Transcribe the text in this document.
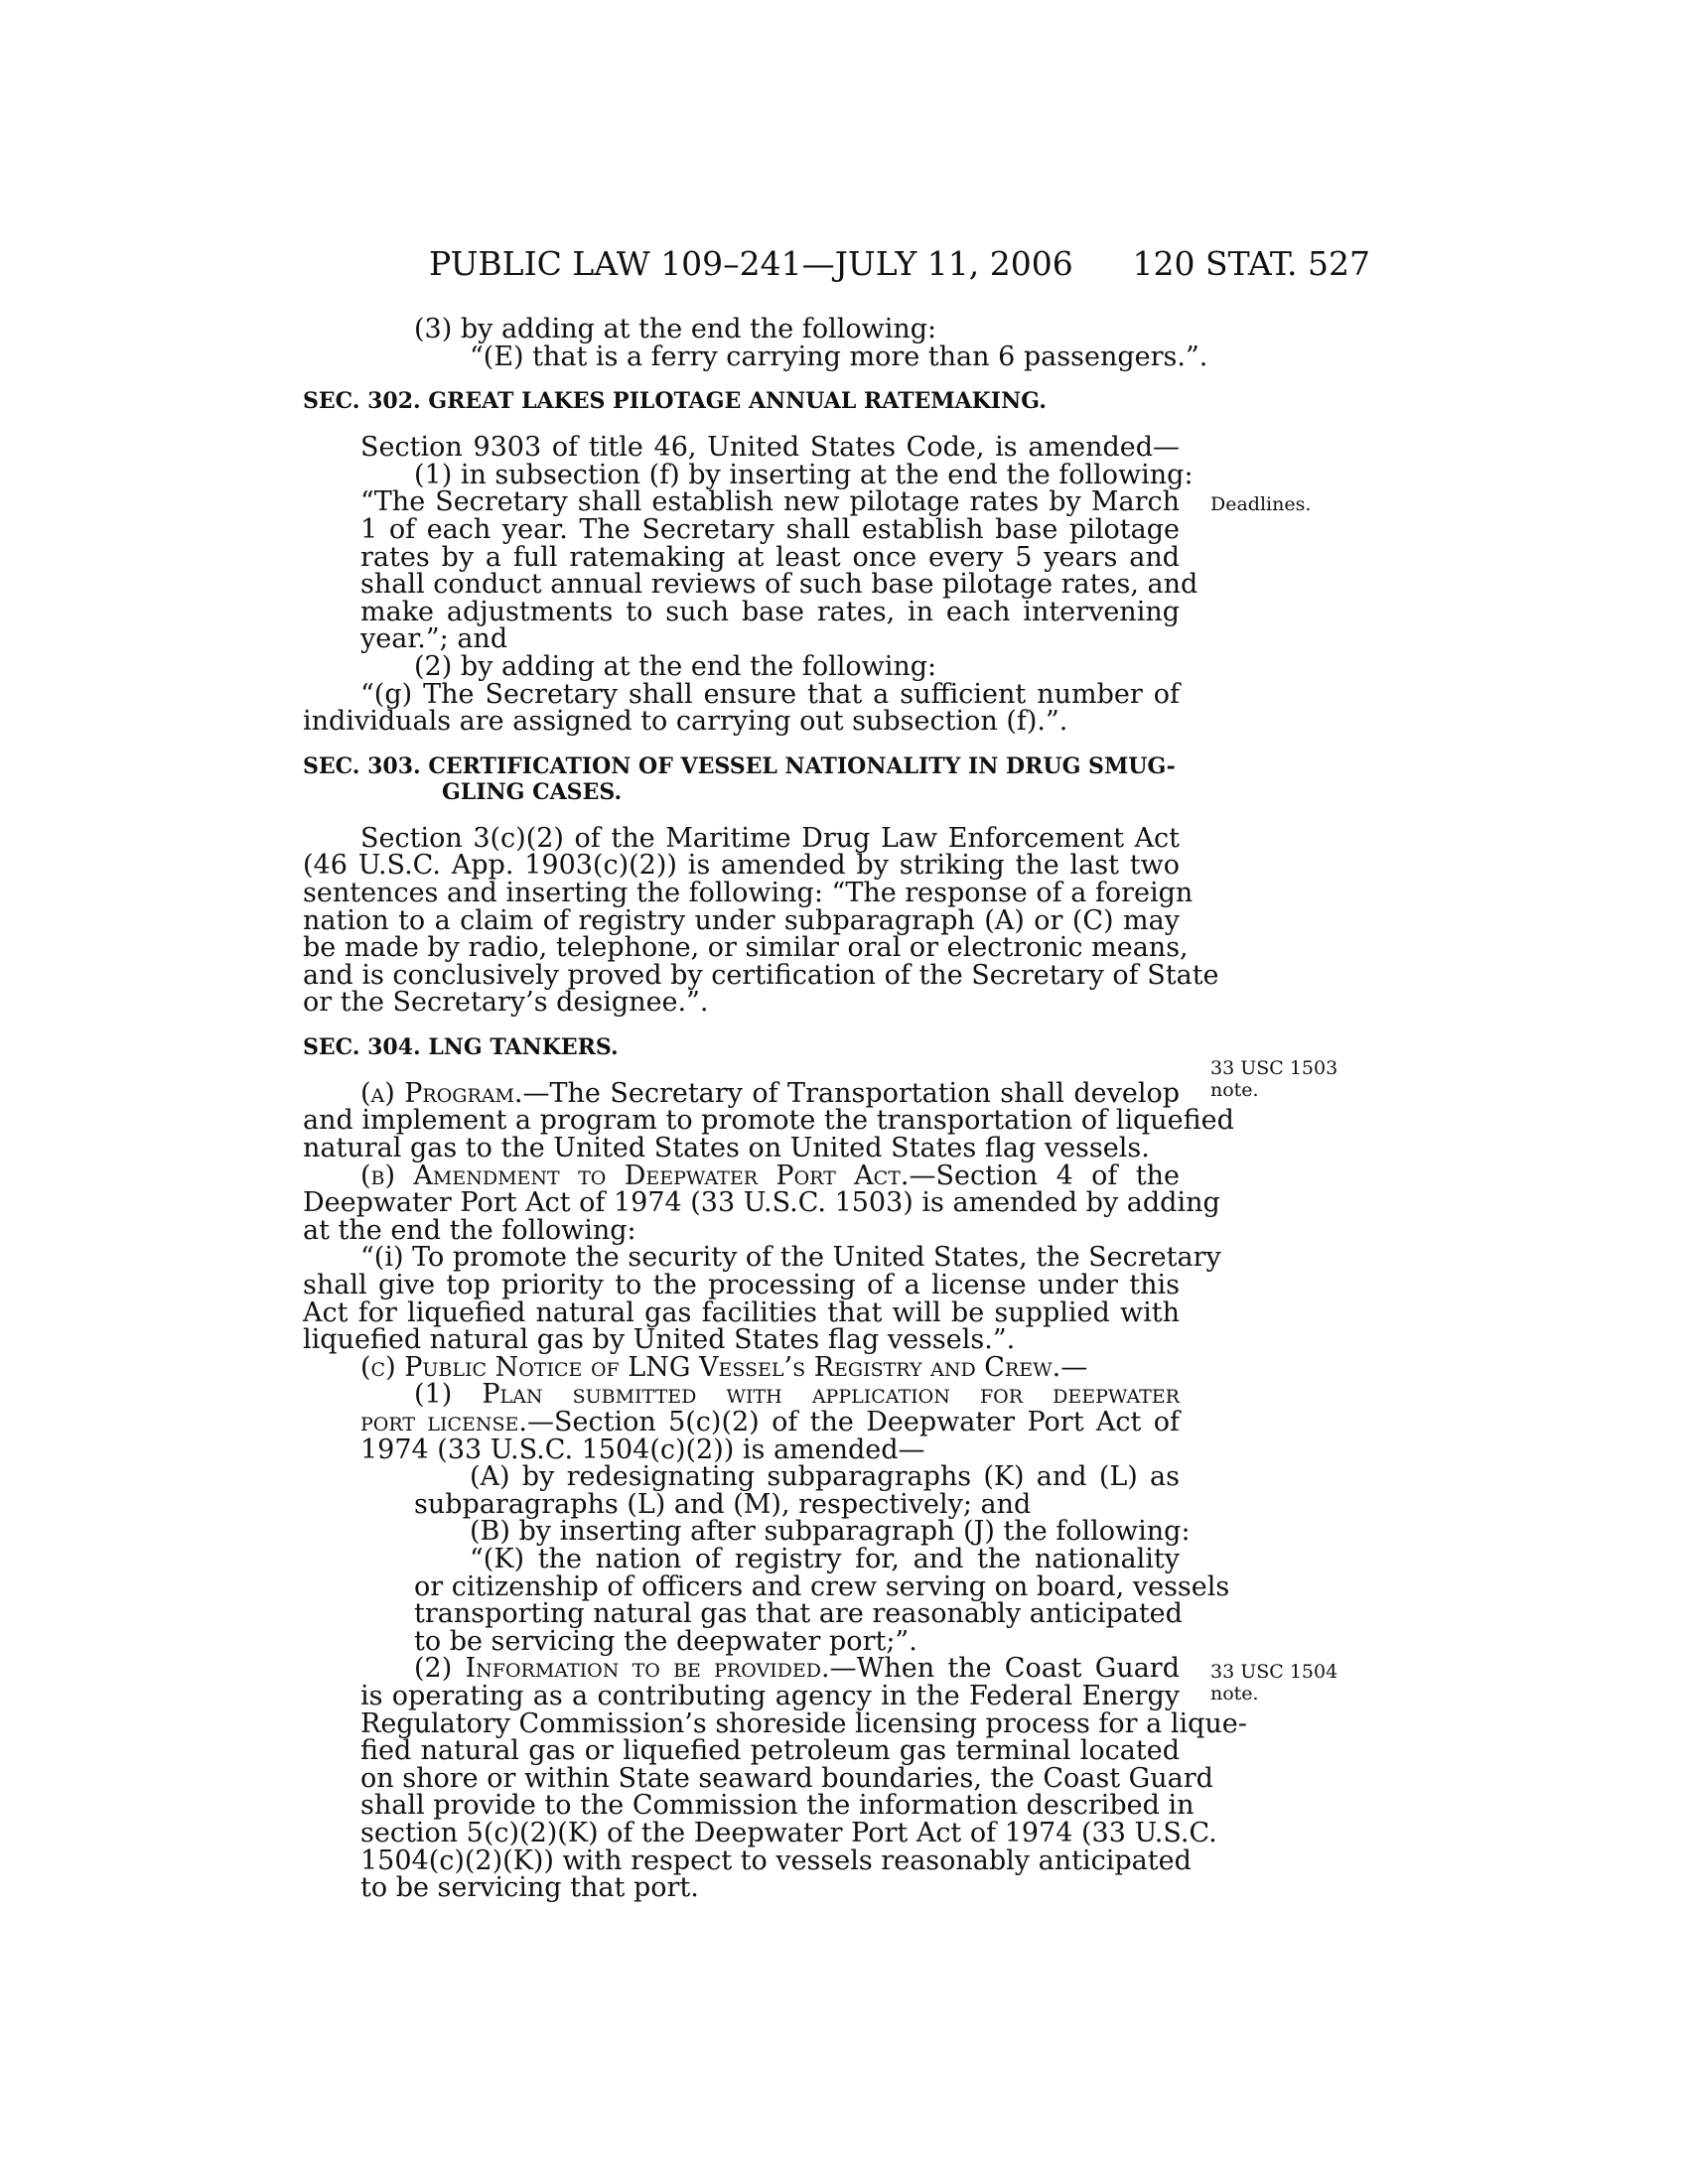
PUBLIC LAW 109–241—JULY 11, 2006 120 STAT. 527
(3) by adding at the end the following:
“(E) that is a ferry carrying more than 6 passengers.”.
SEC. 302. GREAT LAKES PILOTAGE ANNUAL RATEMAKING.
Section 9303 of title 46, United States Code, is amended—
(1) in subsection (f) by inserting at the end the following:
“The Secretary shall establish new pilotage rates by March
1 of each year. The Secretary shall establish base pilotage
rates by a full ratemaking at least once every 5 years and
shall conduct annual reviews of such base pilotage rates, and
make adjustments to such base rates, in each intervening
year.”; and
(2) by adding at the end the following:
“(g) The Secretary shall ensure that a sufficient number of
individuals are assigned to carrying out subsection (f).”.
SEC. 303. CERTIFICATION OF VESSEL NATIONALITY IN DRUG SMUG-
GLING CASES.
Section 3(c)(2) of the Maritime Drug Law Enforcement Act
(46 U.S.C. App. 1903(c)(2)) is amended by striking the last two
sentences and inserting the following: “The response of a foreign
nation to a claim of registry under subparagraph (A) or (C) may
be made by radio, telephone, or similar oral or electronic means,
and is conclusively proved by certification of the Secretary of State
or the Secretary’s designee.”.
SEC. 304. LNG TANKERS.
(a) Program.—The Secretary of Transportation shall develop
and implement a program to promote the transportation of liquefied
natural gas to the United States on United States flag vessels.
(b) Amendment to Deepwater Port Act.—Section 4 of the
Deepwater Port Act of 1974 (33 U.S.C. 1503) is amended by adding
at the end the following:
“(i) To promote the security of the United States, the Secretary
shall give top priority to the processing of a license under this
Act for liquefied natural gas facilities that will be supplied with
liquefied natural gas by United States flag vessels.”.
(c) Public Notice of LNG Vessel’s Registry and Crew.—
(1) Plan submitted with application for deepwater
port license.—Section 5(c)(2) of the Deepwater Port Act of
1974 (33 U.S.C. 1504(c)(2)) is amended—
(A) by redesignating subparagraphs (K) and (L) as
subparagraphs (L) and (M), respectively; and
(B) by inserting after subparagraph (J) the following:
“(K) the nation of registry for, and the nationality
or citizenship of officers and crew serving on board, vessels
transporting natural gas that are reasonably anticipated
to be servicing the deepwater port;”.
(2) Information to be provided.—When the Coast Guard
is operating as a contributing agency in the Federal Energy
Regulatory Commission’s shoreside licensing process for a lique-
fied natural gas or liquefied petroleum gas terminal located
on shore or within State seaward boundaries, the Coast Guard
shall provide to the Commission the information described in
section 5(c)(2)(K) of the Deepwater Port Act of 1974 (33 U.S.C.
1504(c)(2)(K)) with respect to vessels reasonably anticipated
to be servicing that port.
Deadlines.
33 USC 1503
note.
33 USC 1504
note.
